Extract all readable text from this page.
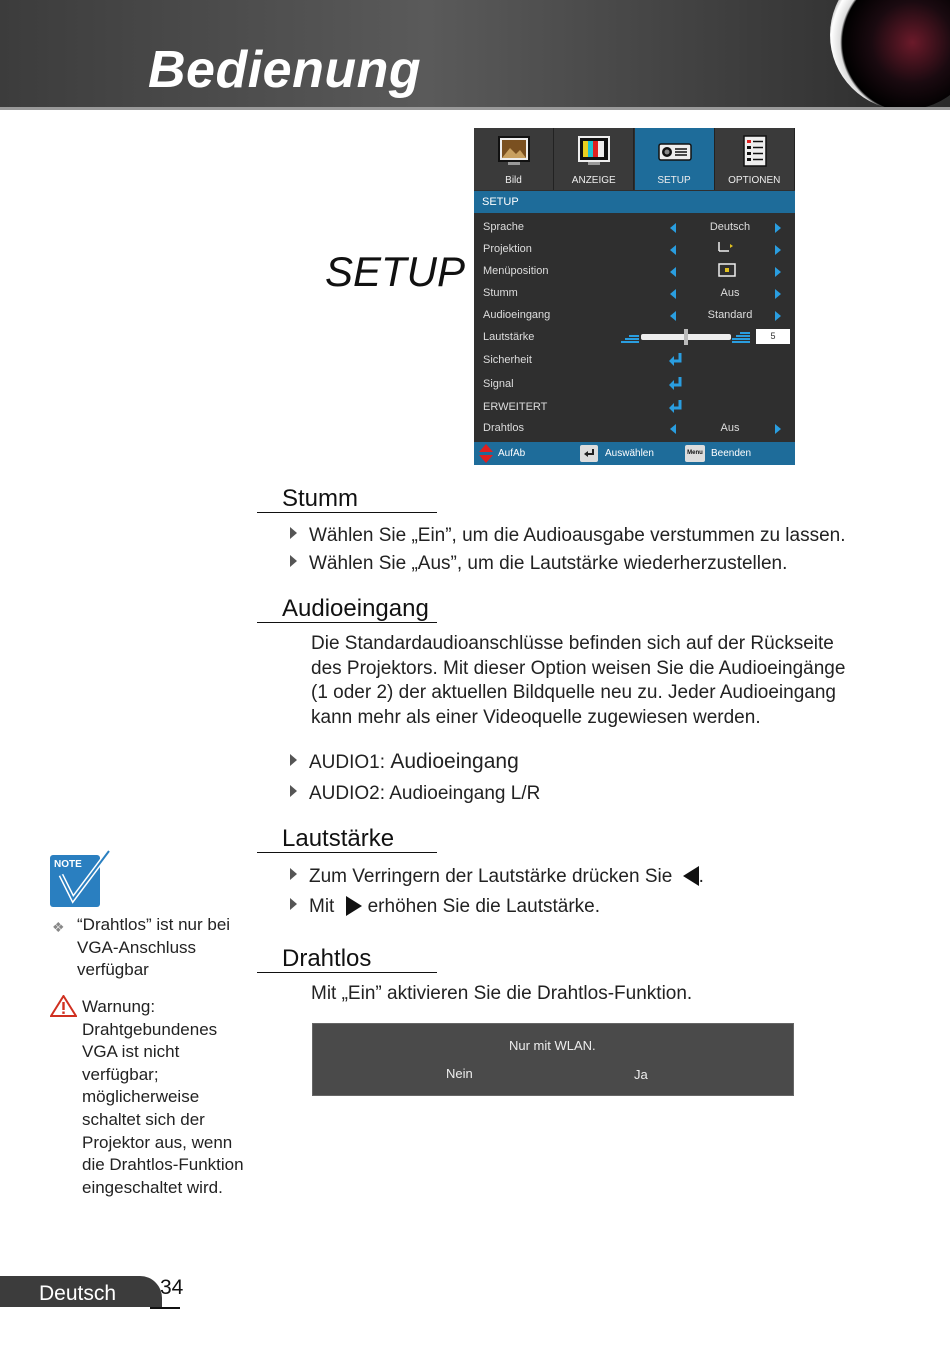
Bedienung
SETUP
Bild	ANZEIGE	SETUP	OPTIONEN
SETUP
Sprache	Deutsch
Projektion
Menüposition
Stumm	Aus
Audioeingang	Standard
Lautstärke	5
Sicherheit
Signal
ERWEITERT
Drahtlos	Aus
AufAb	Auswählen	Menu Beenden
Stumm
Wählen Sie „Ein”, um die Audioausgabe verstummen zu lassen.
Wählen Sie „Aus”, um die Lautstärke wiederherzustellen.
Audioeingang
Die Standardaudioanschlüsse befinden sich auf der Rückseite
des Projektors. Mit dieser Option weisen Sie die Audioeingänge
(1 oder 2) der aktuellen Bildquelle neu zu. Jeder Audioeingang
kann mehr als einer Videoquelle zugewiesen werden.
AUDIO1: Audioeingang
AUDIO2: Audioeingang L/R
Lautstärke
Zum Verringern der Lautstärke drücken Sie .
Mit erhöhen Sie die Lautstärke.
Drahtlos
Mit „Ein” aktivieren Sie die Drahtlos-Funktion.
Nur mit WLAN.
Nein	Ja
NOTE
❖ “Drahtlos” ist nur bei
VGA-Anschluss
verfügbar
Warnung:
Drahtgebundenes
VGA ist nicht
verfügbar;
möglicherweise
schaltet sich der
Projektor aus, wenn
die Drahtlos-Funktion
eingeschaltet wird.
Deutsch 34
